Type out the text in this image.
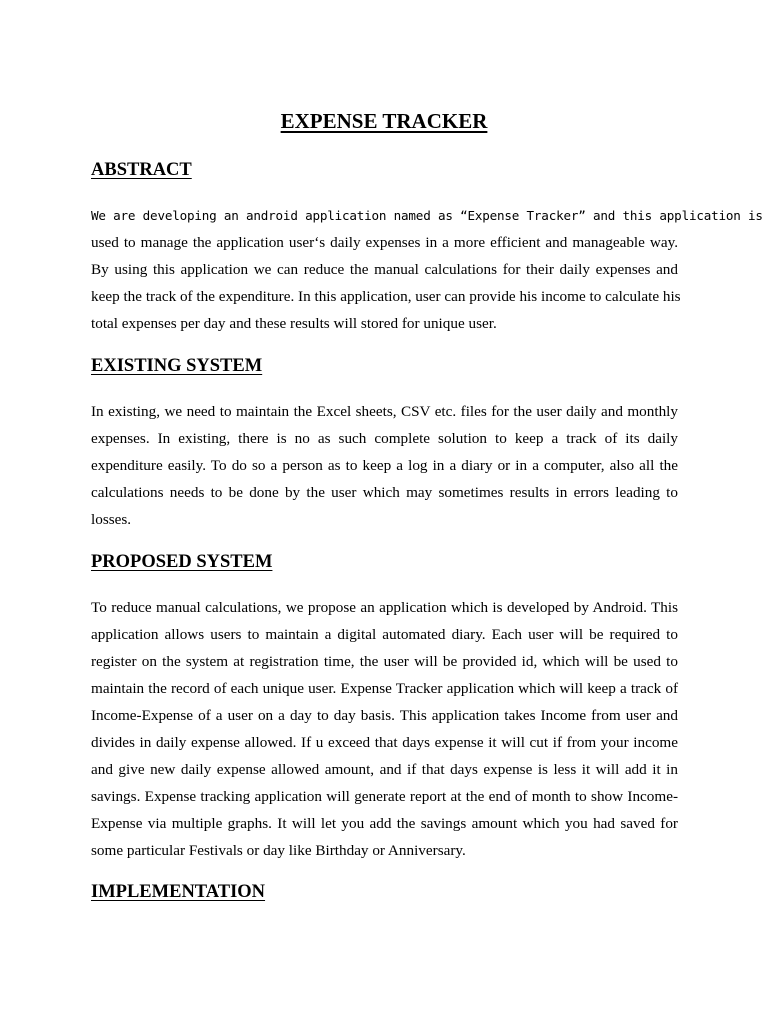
EXPENSE TRACKER
ABSTRACT
We are developing an android application named as “Expense Tracker” and this application is
used to manage the application user‘s daily expenses in a more efficient and manageable way.
By using this application we can reduce the manual calculations for their daily expenses and
keep the track of the expenditure. In this application, user can provide his income to calculate his
total expenses per day and these results will stored for unique user.
EXISTING SYSTEM
In existing, we need to maintain the Excel sheets, CSV etc. files for the user daily and monthly
expenses. In existing, there is no as such complete solution to keep a track of its daily
expenditure easily. To do so a person as to keep a log in a diary or in a computer, also all the
calculations needs to be done by the user which may sometimes results in errors leading to
losses.
PROPOSED SYSTEM
To reduce manual calculations, we propose an application which is developed by Android. This
application allows users to maintain a digital automated diary. Each user will be required to
register on the system at registration time, the user will be provided id, which will be used to
maintain the record of each unique user. Expense Tracker application which will keep a track of
Income-Expense of a user on a day to day basis. This application takes Income from user and
divides in daily expense allowed. If u exceed that days expense it will cut if from your income
and give new daily expense allowed amount, and if that days expense is less it will add it in
savings. Expense tracking application will generate report at the end of month to show Income-
Expense via multiple graphs. It will let you add the savings amount which you had saved for
some particular Festivals or day like Birthday or Anniversary.
IMPLEMENTATION
